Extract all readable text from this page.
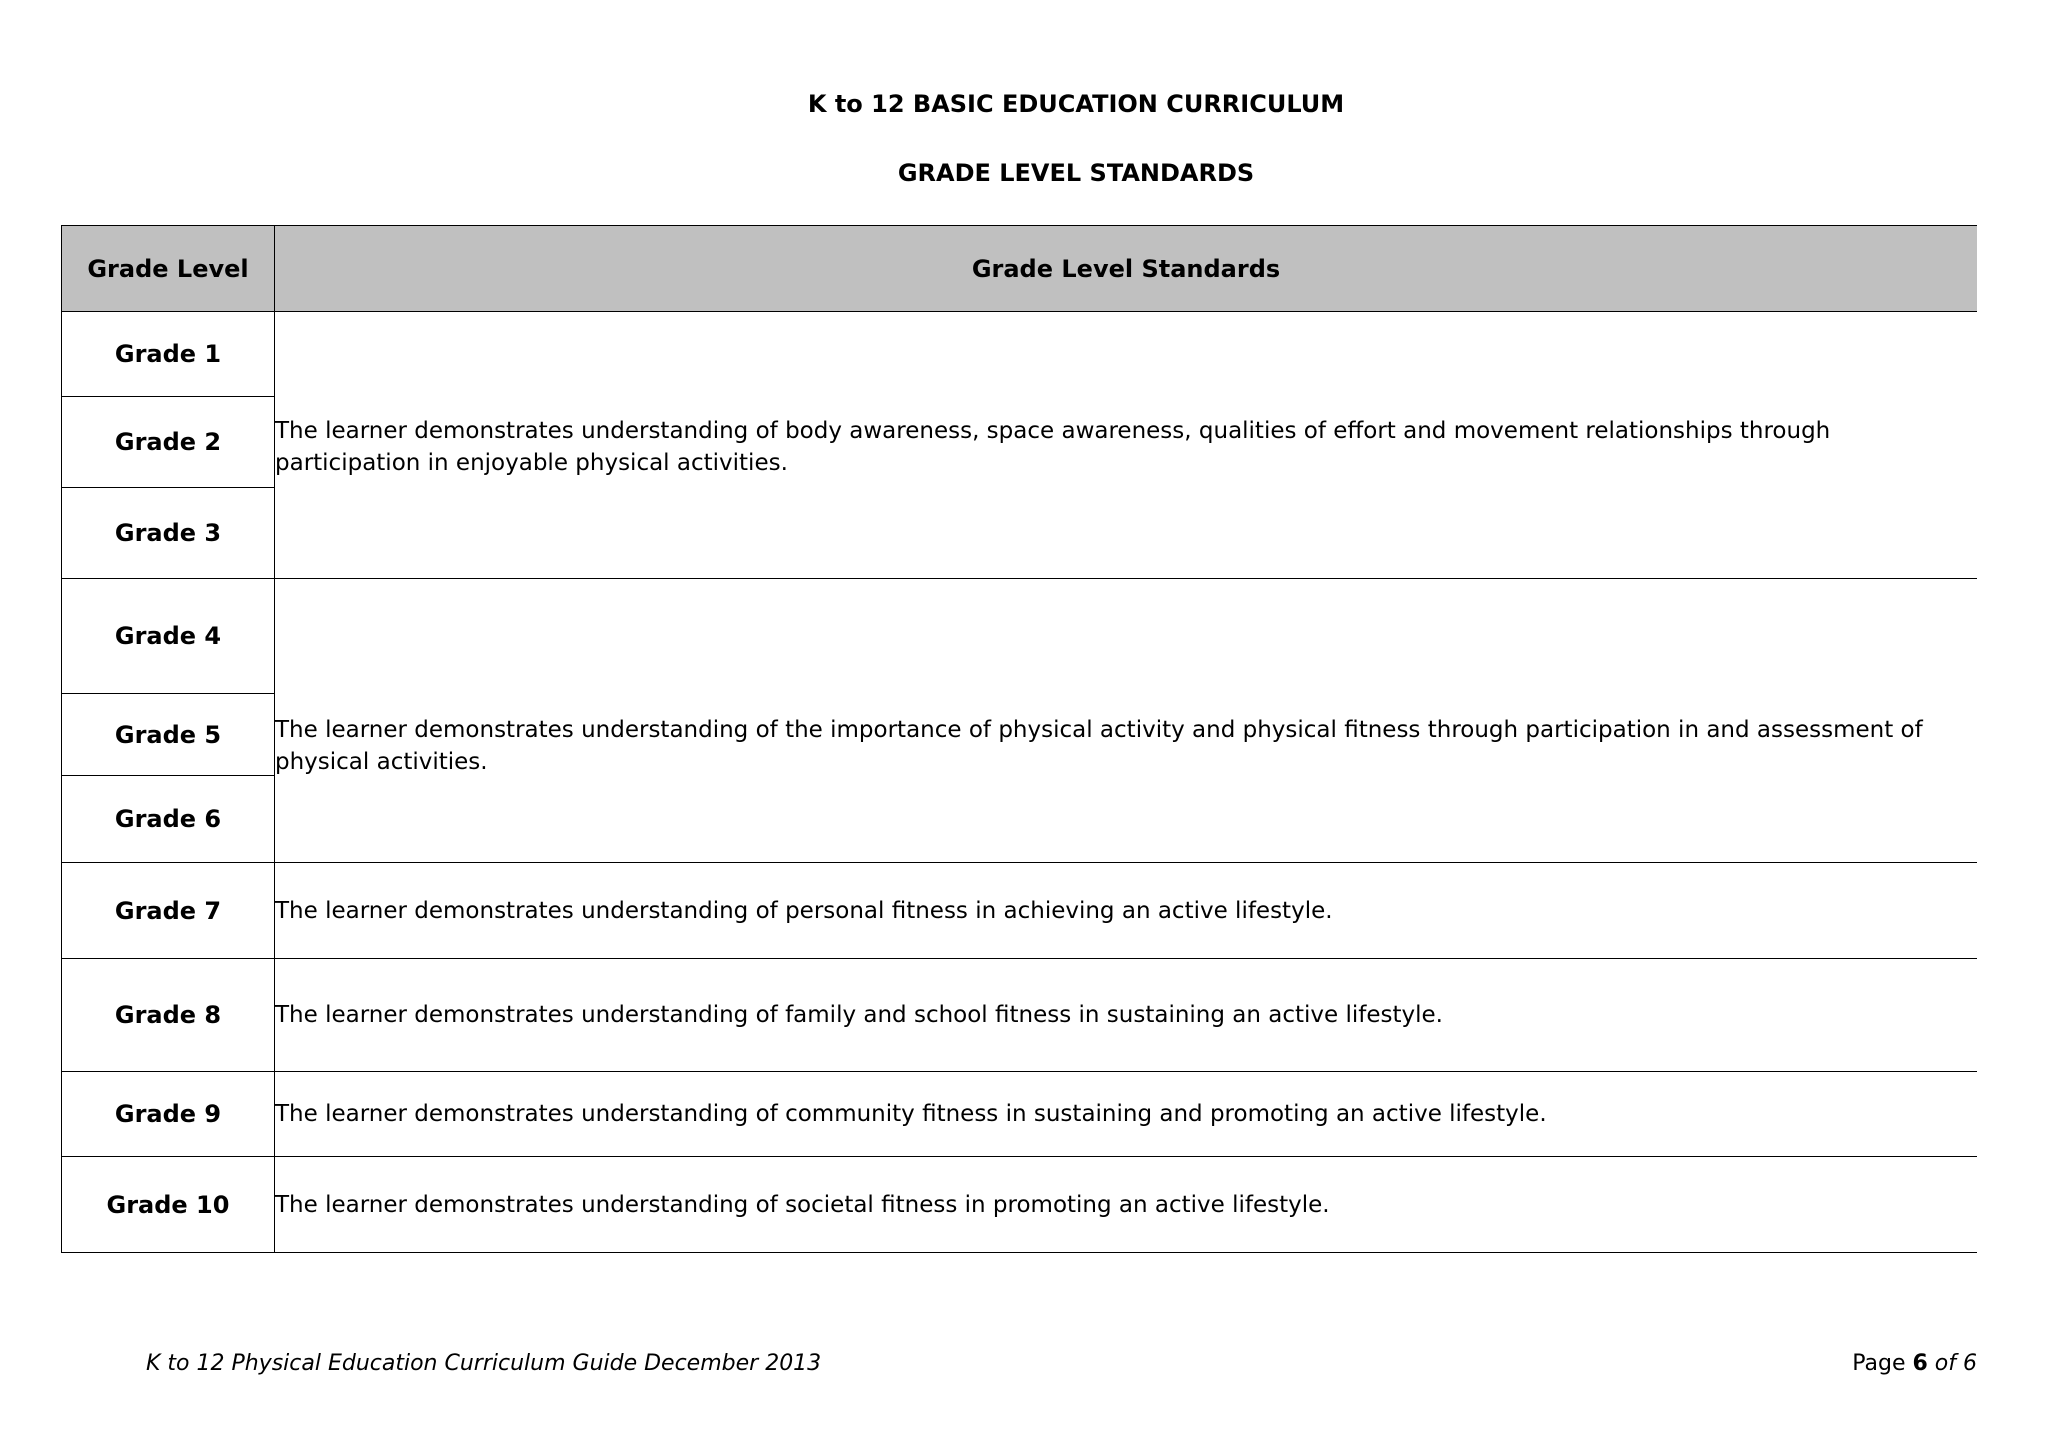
K to 12 BASIC EDUCATION CURRICULUM
GRADE LEVEL STANDARDS
Grade Level	Grade Level Standards
Grade 1	The learner demonstrates understanding of body awareness, space awareness, qualities of effort and movement relationships through participation in enjoyable physical activities.
Grade 2	
Grade 3	
Grade 4	The learner demonstrates understanding of the importance of physical activity and physical fitness through participation in and assessment of physical activities.
Grade 5	
Grade 6	
Grade 7	The learner demonstrates understanding of personal fitness in achieving an active lifestyle.
Grade 8	The learner demonstrates understanding of family and school fitness in sustaining an active lifestyle.
Grade 9	The learner demonstrates understanding of community fitness in sustaining and promoting an active lifestyle.
Grade 10	The learner demonstrates understanding of societal fitness in promoting an active lifestyle.
K to 12 Physical Education Curriculum Guide December 2013	Page 6 of 6
